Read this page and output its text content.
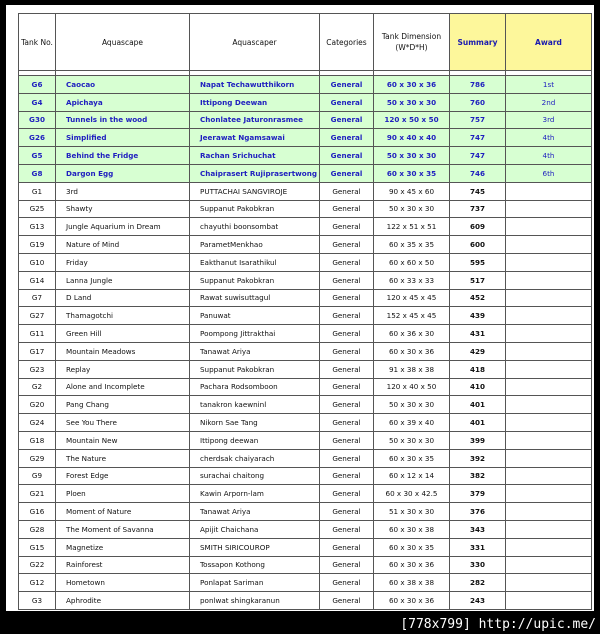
Tank No.	Aquascape	Aquascaper	Categories	Tank Dimension (W*D*H)	Summary	Award

G6	Caocao	Napat Techawutthikorn	General	60 x 30 x 36	786	1st
G4	Apichaya	Ittipong Deewan	General	50 x 30 x 30	760	2nd
G30	Tunnels in the wood	Chonlatee Jaturonrasmee	General	120 x 50 x 50	757	3rd
G26	Simplified	Jeerawat Ngamsawai	General	90 x 40 x 40	747	4th
G5	Behind the Fridge	Rachan Srichuchat	General	50 x 30 x 30	747	4th
G8	Dargon Egg	Chaiprasert Rujiprasertwong	General	60 x 30 x 35	746	6th
G1	3rd	PUTTACHAI SANGVIROJE	General	90 x 45 x 60	745	
G25	Shawty	Suppanut Pakobkran	General	50 x 30 x 30	737	
G13	Jungle Aquarium in Dream	chayuthi boonsombat	General	122 x 51 x 51	609	
G19	Nature of Mind	ParametMenkhao	General	60 x 35 x 35	600	
G10	Friday	Eakthanut Isarathikul	General	60 x 60 x 50	595	
G14	Lanna Jungle	Suppanut Pakobkran	General	60 x 33 x 33	517	
G7	D Land	Rawat suwisuttagul	General	120 x 45 x 45	452	
G27	Thamagotchi	Panuwat	General	152 x 45 x 45	439	
G11	Green Hill	Poompong Jittrakthai	General	60 x 36 x 30	431	
G17	Mountain Meadows	Tanawat Ariya	General	60 x 30 x 36	429	
G23	Replay	Suppanut Pakobkran	General	91 x 38 x 38	418	
G2	Alone and Incomplete	Pachara Rodsomboon	General	120 x 40 x 50	410	
G20	Pang Chang	tanakron kaewninl	General	50 x 30 x 30	401	
G24	See You There	Nikorn Sae Tang	General	60 x 39 x 40	401	
G18	Mountain New	Ittipong deewan	General	50 x 30 x 30	399	
G29	The Nature	cherdsak chaiyarach	General	60 x 30 x 35	392	
G9	Forest Edge	surachai chaitong	General	60 x 12 x 14	382	
G21	Ploen	Kawin Arporn-lam	General	60 x 30 x 42.5	379	
G16	Moment of Nature	Tanawat Ariya	General	51 x 30 x 30	376	
G28	The Moment of Savanna	Apijit Chaichana	General	60 x 30 x 38	343	
G15	Magnetize	SMITH SIRICOUROP	General	60 x 30 x 35	331	
G22	Rainforest	Tossapon Kothong	General	60 x 30 x 36	330	
G12	Hometown	Ponlapat Sariman	General	60 x 38 x 38	282	
G3	Aphrodite	ponlwat shingkaranun	General	60 x 30 x 36	243	
[778x799] http://upic.me/
